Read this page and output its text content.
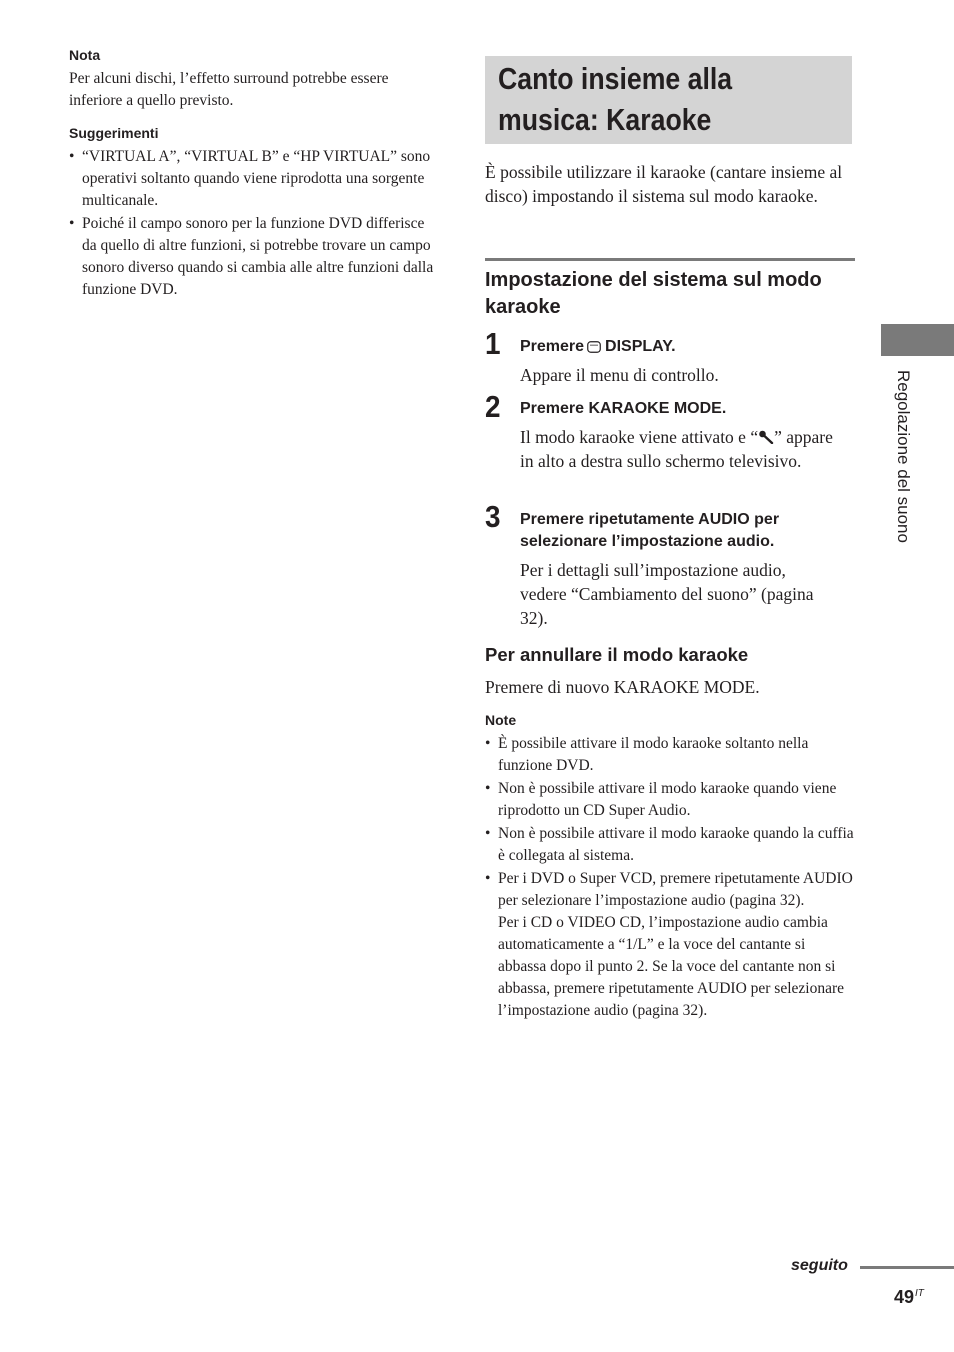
Nota
Per alcuni dischi, l’effetto surround potrebbe essere inferiore a quello previsto.
Suggerimenti
• “VIRTUAL A”, “VIRTUAL B” e “HP VIRTUAL” sono operativi soltanto quando viene riprodotta una sorgente multicanale.
• Poiché il campo sonoro per la funzione DVD differisce da quello di altre funzioni, si potrebbe trovare un campo sonoro diverso quando si cambia alle altre funzioni dalla funzione DVD.
Canto insieme alla
musica: Karaoke
È possibile utilizzare il karaoke (cantare insieme al disco) impostando il sistema sul modo karaoke.
Impostazione del sistema sul modo karaoke
1 Premere DISPLAY.
Appare il menu di controllo.
2 Premere KARAOKE MODE.
Il modo karaoke viene attivato e “ ” appare in alto a destra sullo schermo televisivo.
3 Premere ripetutamente AUDIO per selezionare l’impostazione audio.
Per i dettagli sull’impostazione audio, vedere “Cambiamento del suono” (pagina 32).
Per annullare il modo karaoke
Premere di nuovo KARAOKE MODE.
Note
• È possibile attivare il modo karaoke soltanto nella funzione DVD.
• Non è possibile attivare il modo karaoke quando viene riprodotto un CD Super Audio.
• Non è possibile attivare il modo karaoke quando la cuffia è collegata al sistema.
• Per i DVD o Super VCD, premere ripetutamente AUDIO per selezionare l’impostazione audio (pagina 32).
Per i CD o VIDEO CD, l’impostazione audio cambia automaticamente a “1/L” e la voce del cantante si abbassa dopo il punto 2. Se la voce del cantante non si abbassa, premere ripetutamente AUDIO per selezionare l’impostazione audio (pagina 32).
Regolazione del suono
seguito
$49^{IT}$
